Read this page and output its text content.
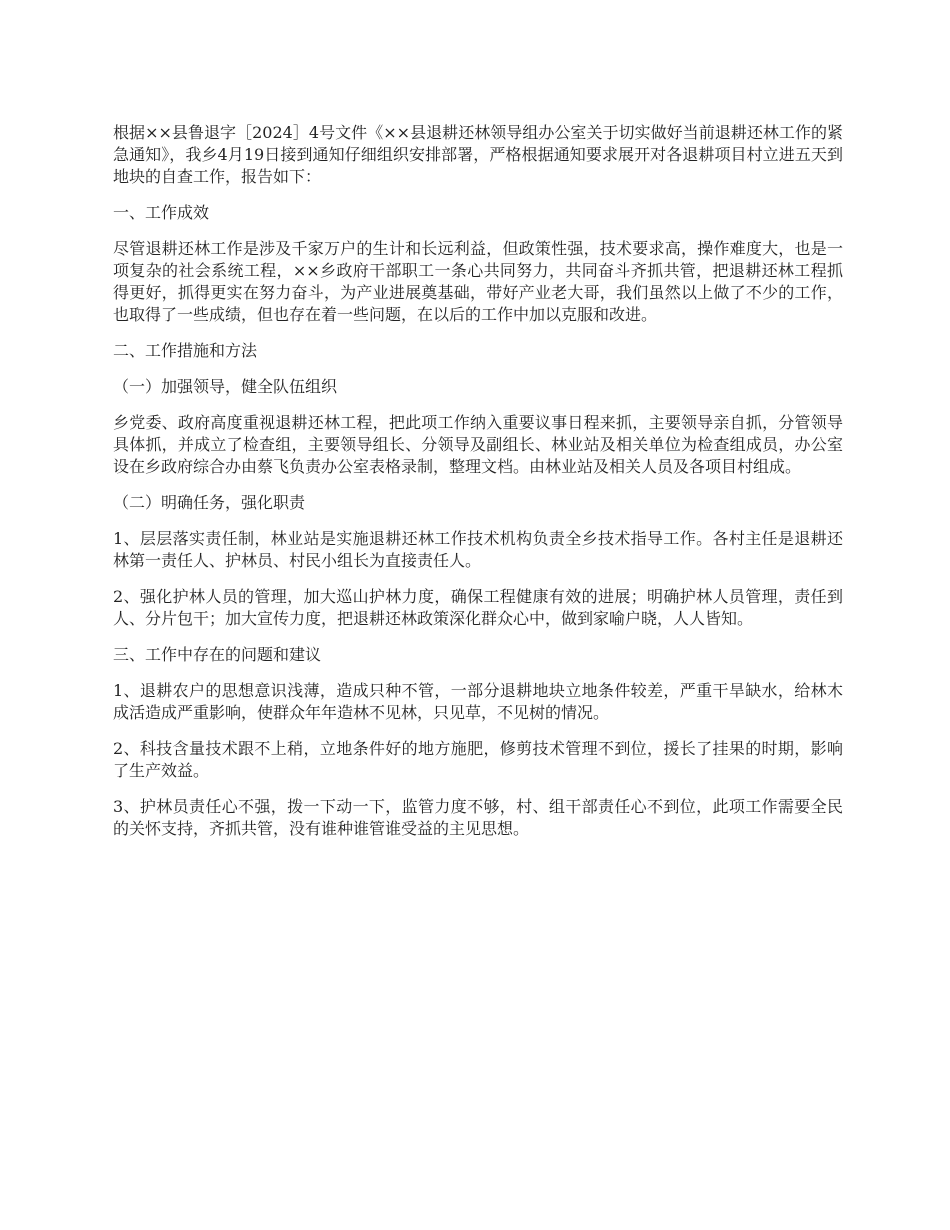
根据××县鲁退字［2024］4号文件《××县退耕还林领导组办公室关于切实做好当前退耕还林工作的紧急通知》，我乡4月19日接到通知仔细组织安排部署，严格根据通知要求展开对各退耕项目村立进五天到地块的自查工作，报告如下：

一、工作成效

尽管退耕还林工作是涉及千家万户的生计和长远利益，但政策性强，技术要求高，操作难度大，也是一项复杂的社会系统工程，××乡政府干部职工一条心共同努力，共同奋斗齐抓共管，把退耕还林工程抓得更好，抓得更实在努力奋斗，为产业进展奠基础，带好产业老大哥，我们虽然以上做了不少的工作，也取得了一些成绩，但也存在着一些问题，在以后的工作中加以克服和改进。

二、工作措施和方法

（一）加强领导，健全队伍组织

乡党委、政府高度重视退耕还林工程，把此项工作纳入重要议事日程来抓，主要领导亲自抓，分管领导具体抓，并成立了检查组，主要领导组长、分领导及副组长、林业站及相关单位为检查组成员，办公室设在乡政府综合办由蔡飞负责办公室表格录制，整理文档。由林业站及相关人员及各项目村组成。

（二）明确任务，强化职责

1、层层落实责任制，林业站是实施退耕还林工作技术机构负责全乡技术指导工作。各村主任是退耕还林第一责任人、护林员、村民小组长为直接责任人。

2、强化护林人员的管理，加大巡山护林力度，确保工程健康有效的进展；明确护林人员管理，责任到人、分片包干；加大宣传力度，把退耕还林政策深化群众心中，做到家喻户晓，人人皆知。

三、工作中存在的问题和建议

1、退耕农户的思想意识浅薄，造成只种不管，一部分退耕地块立地条件较差，严重干旱缺水，给林木成活造成严重影响，使群众年年造林不见林，只见草，不见树的情况。

2、科技含量技术跟不上稍，立地条件好的地方施肥，修剪技术管理不到位，援长了挂果的时期，影响了生产效益。

3、护林员责任心不强，拨一下动一下，监管力度不够，村、组干部责任心不到位，此项工作需要全民的关怀支持，齐抓共管，没有谁种谁管谁受益的主见思想。
